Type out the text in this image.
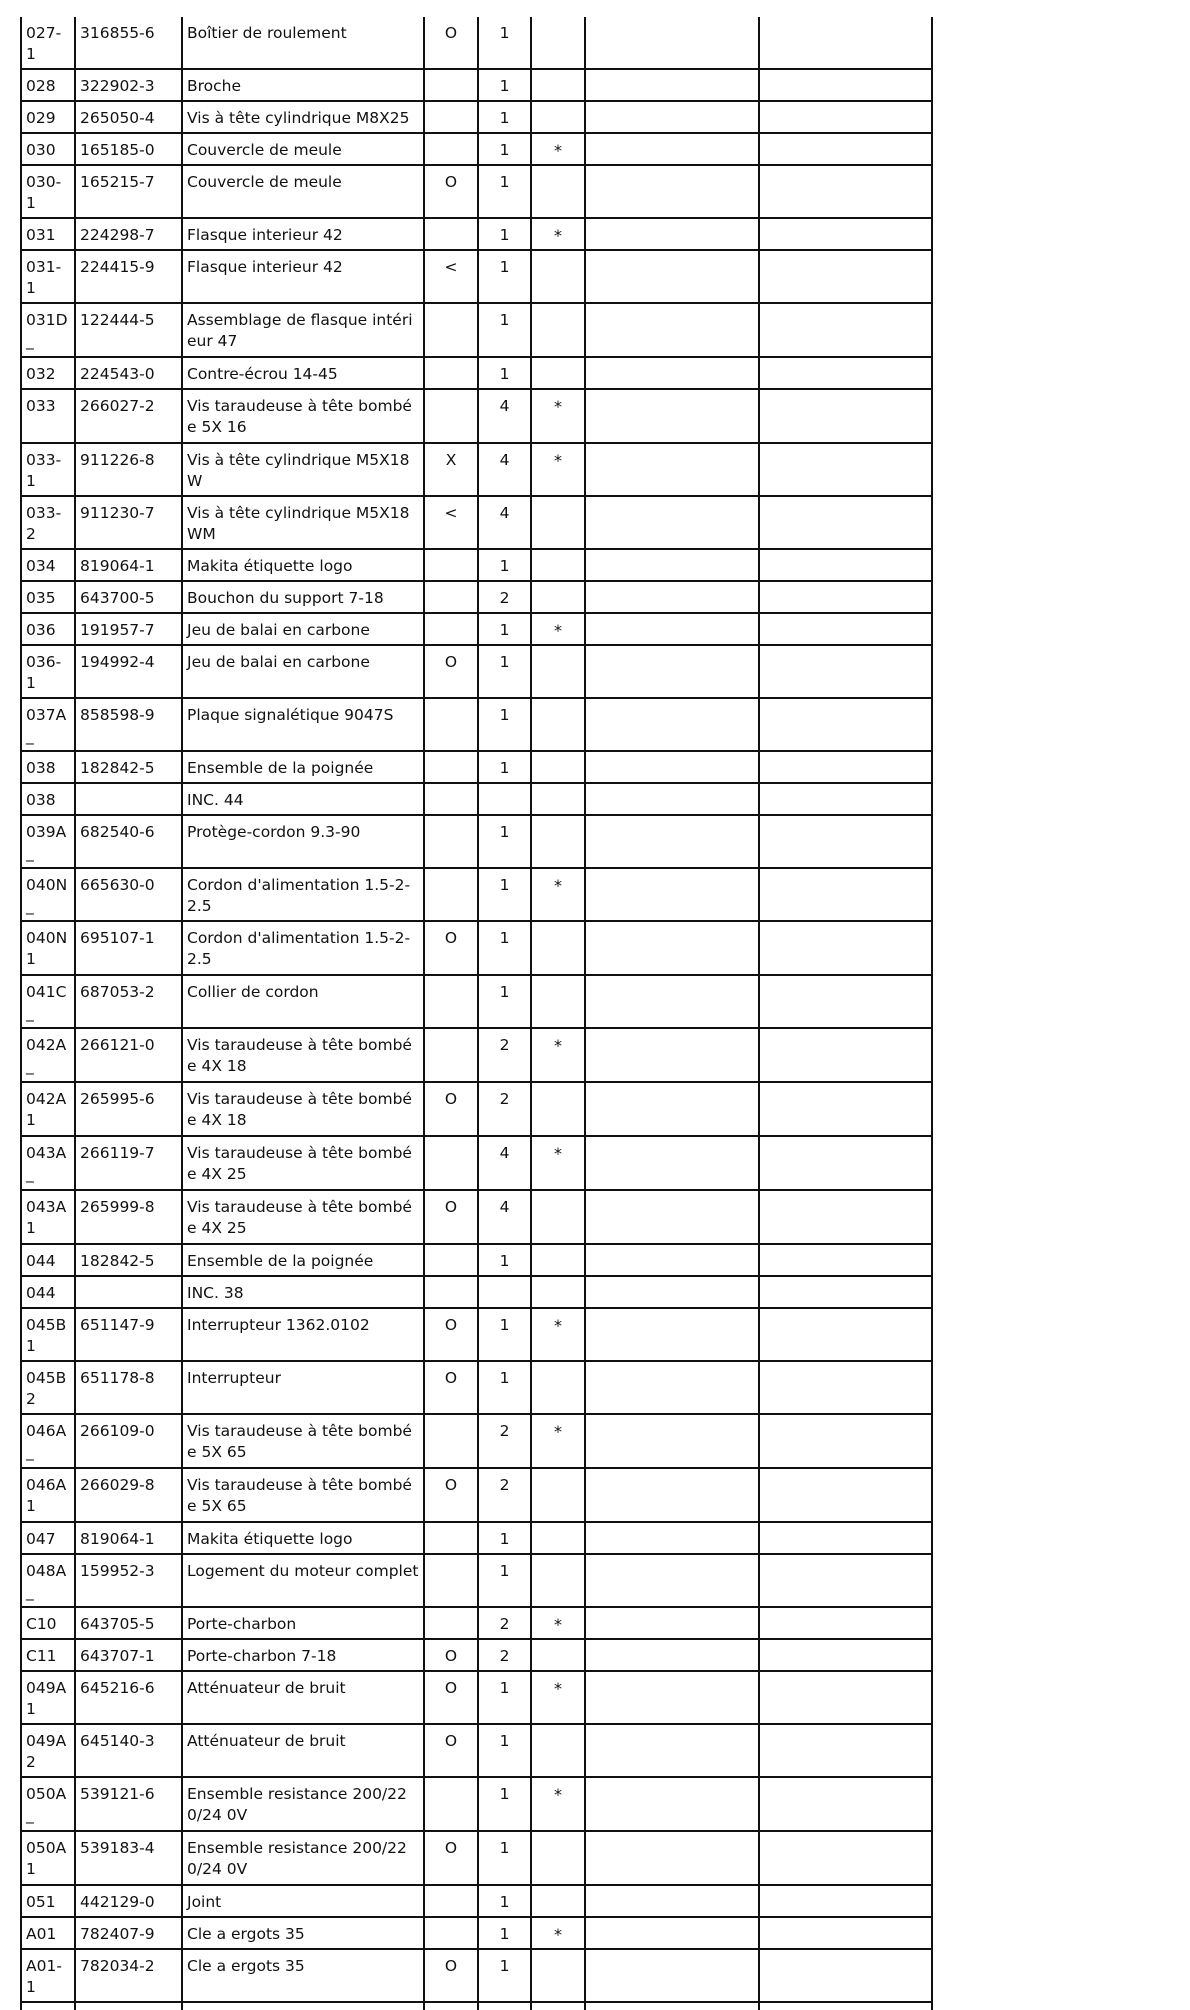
027-1	316855-6	Boîtier de roulement	O	1			
028	322902-3	Broche		1			
029	265050-4	Vis à tête cylindrique M8X25		1			
030	165185-0	Couvercle de meule		1	*		
030-1	165215-7	Couvercle de meule	O	1			
031	224298-7	Flasque interieur 42		1	*		
031-1	224415-9	Flasque interieur 42	<	1			
031D_	122444-5	Assemblage de flasque intérieur 47		1			
032	224543-0	Contre-écrou 14-45		1			
033	266027-2	Vis taraudeuse à tête bombée 5X 16		4	*		
033-1	911226-8	Vis à tête cylindrique M5X18 W	X	4	*		
033-2	911230-7	Vis à tête cylindrique M5X18 WM	<	4			
034	819064-1	Makita étiquette logo		1			
035	643700-5	Bouchon du support 7-18		2			
036	191957-7	Jeu de balai en carbone		1	*		
036-1	194992-4	Jeu de balai en carbone	O	1			
037A_	858598-9	Plaque signalétique 9047S		1			
038	182842-5	Ensemble de la poignée		1			
038		INC. 44					
039A_	682540-6	Protège-cordon 9.3-90		1			
040N_	665630-0	Cordon d'alimentation 1.5-2-2.5		1	*		
040N 1	695107-1	Cordon d'alimentation 1.5-2-2.5	O	1			
041C_	687053-2	Collier de cordon		1			
042A_	266121-0	Vis taraudeuse à tête bombée 4X 18		2	*		
042A1	265995-6	Vis taraudeuse à tête bombée 4X 18	O	2			
043A_	266119-7	Vis taraudeuse à tête bombée 4X 25		4	*		
043A1	265999-8	Vis taraudeuse à tête bombée 4X 25	O	4			
044	182842-5	Ensemble de la poignée		1			
044		INC. 38					
045B1	651147-9	Interrupteur 1362.0102	O	1	*		
045B2	651178-8	Interrupteur	O	1			
046A_	266109-0	Vis taraudeuse à tête bombée 5X 65		2	*		
046A1	266029-8	Vis taraudeuse à tête bombée 5X 65	O	2			
047	819064-1	Makita étiquette logo		1			
048A_	159952-3	Logement du moteur complet		1			
C10	643705-5	Porte-charbon		2	*		
C11	643707-1	Porte-charbon 7-18	O	2			
049A1	645216-6	Atténuateur de bruit	O	1	*		
049A2	645140-3	Atténuateur de bruit	O	1			
050A_	539121-6	Ensemble resistance 200/220/24 0V		1	*		
050A1	539183-4	Ensemble resistance 200/220/24 0V	O	1			
051	442129-0	Joint		1			
A01	782407-9	Cle a ergots 35		1	*		
A01-1	782034-2	Cle a ergots 35	O	1			
